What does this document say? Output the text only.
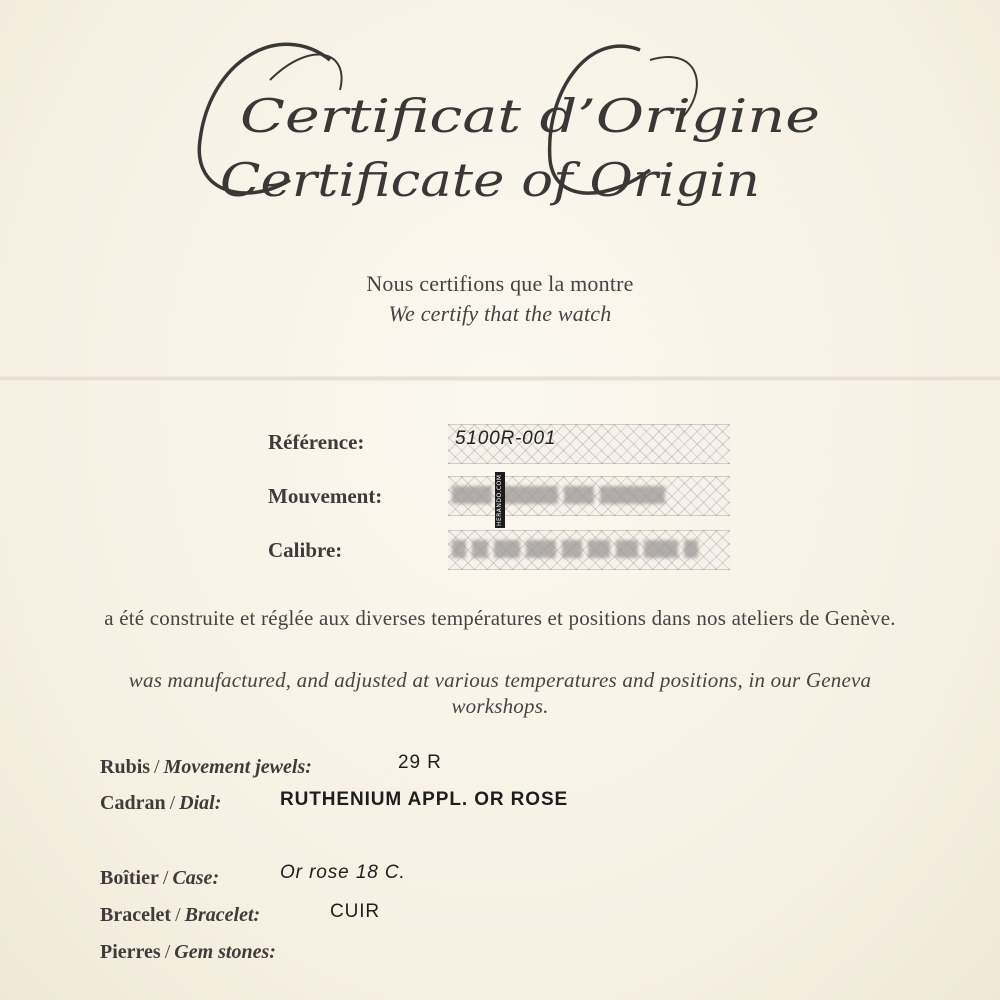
Certificat d’Origine
Certificate of Origin
Nous certifions que la montre
We certify that the watch
Référence:	5100R-001
Mouvement:
Calibre:
HERANDO.COM
a été construite et réglée aux diverses températures et positions dans nos ateliers de Genève.
was manufactured, and adjusted at various temperatures and positions, in our Geneva workshops.
Rubis / Movement jewels:	29 R
Cadran / Dial:	RUTHENIUM APPL. OR ROSE
Boîtier / Case:	Or rose 18 C.
Bracelet / Bracelet:	CUIR
Pierres / Gem stones:
